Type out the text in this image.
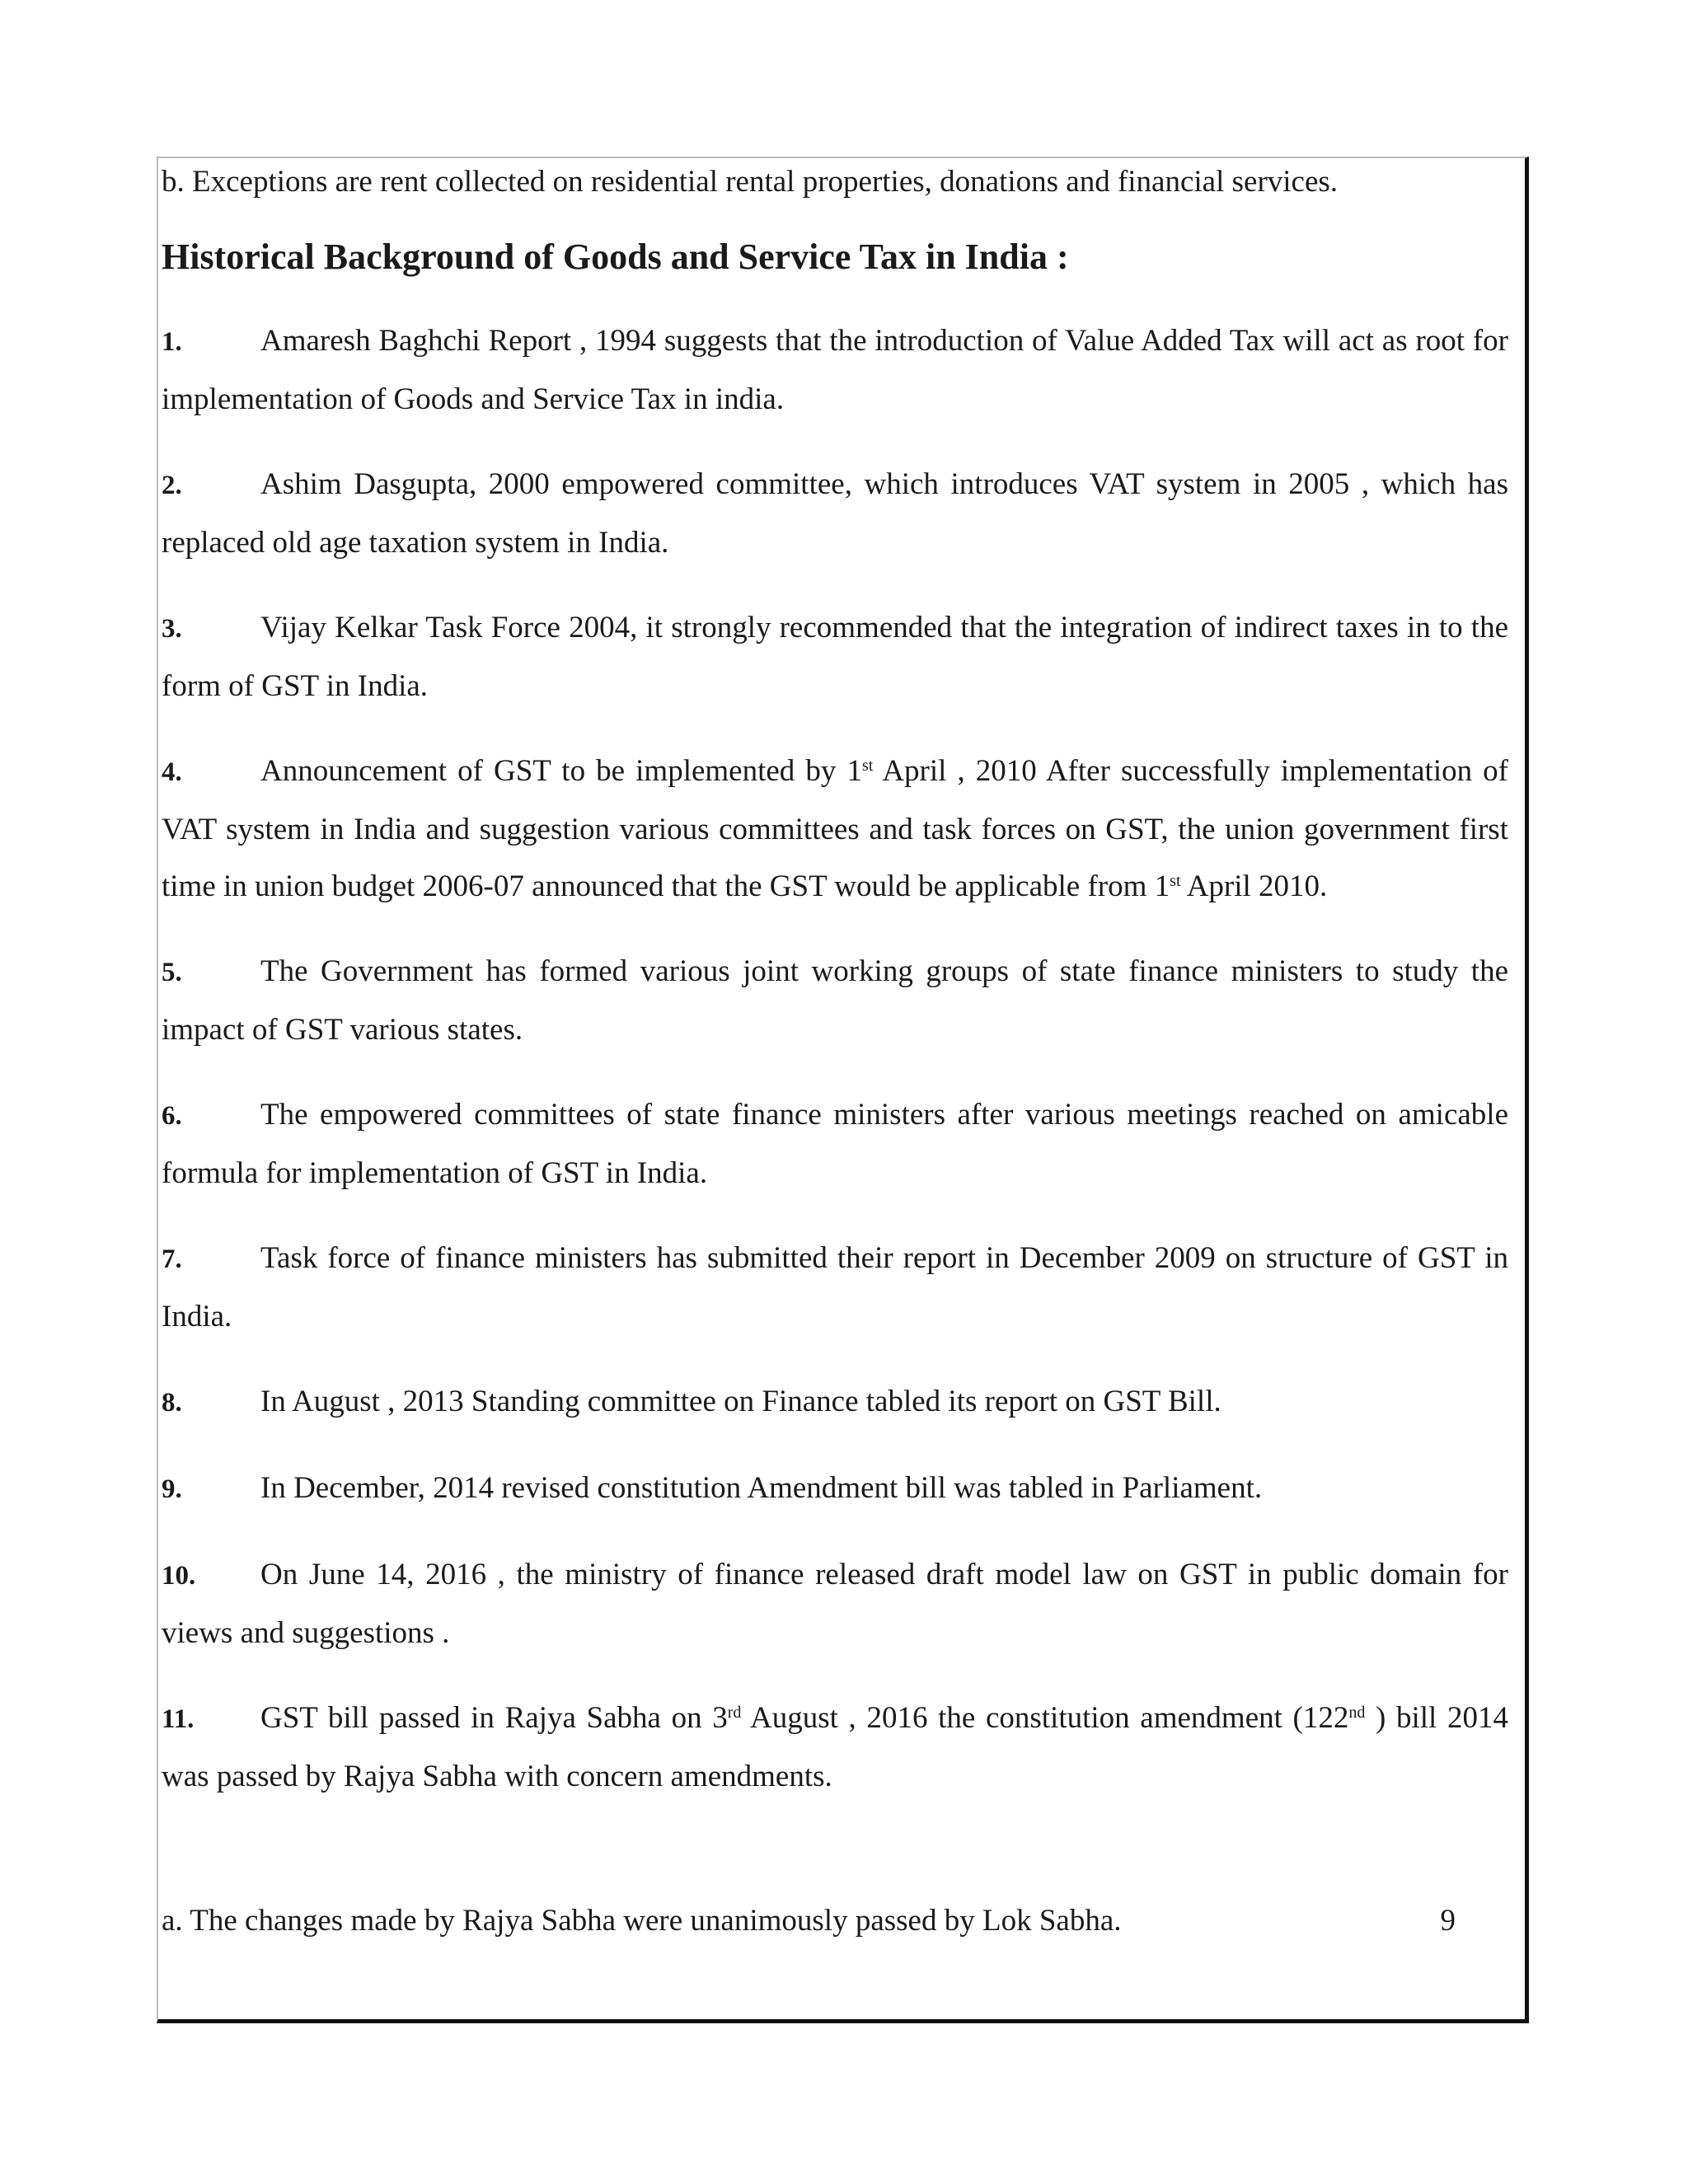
b. Exceptions are rent collected on residential rental properties, donations and financial services.

Historical Background of Goods and Service Tax in India :

1.	Amaresh Baghchi Report , 1994 suggests that the introduction of Value Added Tax will act as root for implementation of Goods and Service Tax in india.

2.	Ashim Dasgupta, 2000 empowered committee, which introduces VAT system in 2005 , which has replaced old age taxation system in India.

3.	Vijay Kelkar Task Force 2004, it strongly recommended that the integration of indirect taxes in to the form of GST in India.

4.	Announcement of GST to be implemented by 1st April , 2010 After successfully implementation of VAT system in India and suggestion various committees and task forces on GST, the union government first time in union budget 2006-07 announced that the GST would be applicable from 1st April 2010.

5.	The Government has formed various joint working groups of state finance ministers to study the impact of GST various states.

6.	The empowered committees of state finance ministers after various meetings reached on amicable formula for implementation of GST in India.

7.	Task force of finance ministers has submitted their report in December 2009 on structure of GST in India.

8.	In August , 2013 Standing committee on Finance tabled its report on GST Bill.

9.	In December, 2014 revised constitution Amendment bill was tabled in Parliament.

10. On June 14, 2016 , the ministry of finance released draft model law on GST in public domain for views and suggestions .

11. GST bill passed in Rajya Sabha on 3rd August , 2016 the constitution amendment (122nd ) bill 2014 was passed by Rajya Sabha with concern amendments.

a. The changes made by Rajya Sabha were unanimously passed by Lok Sabha.	9
